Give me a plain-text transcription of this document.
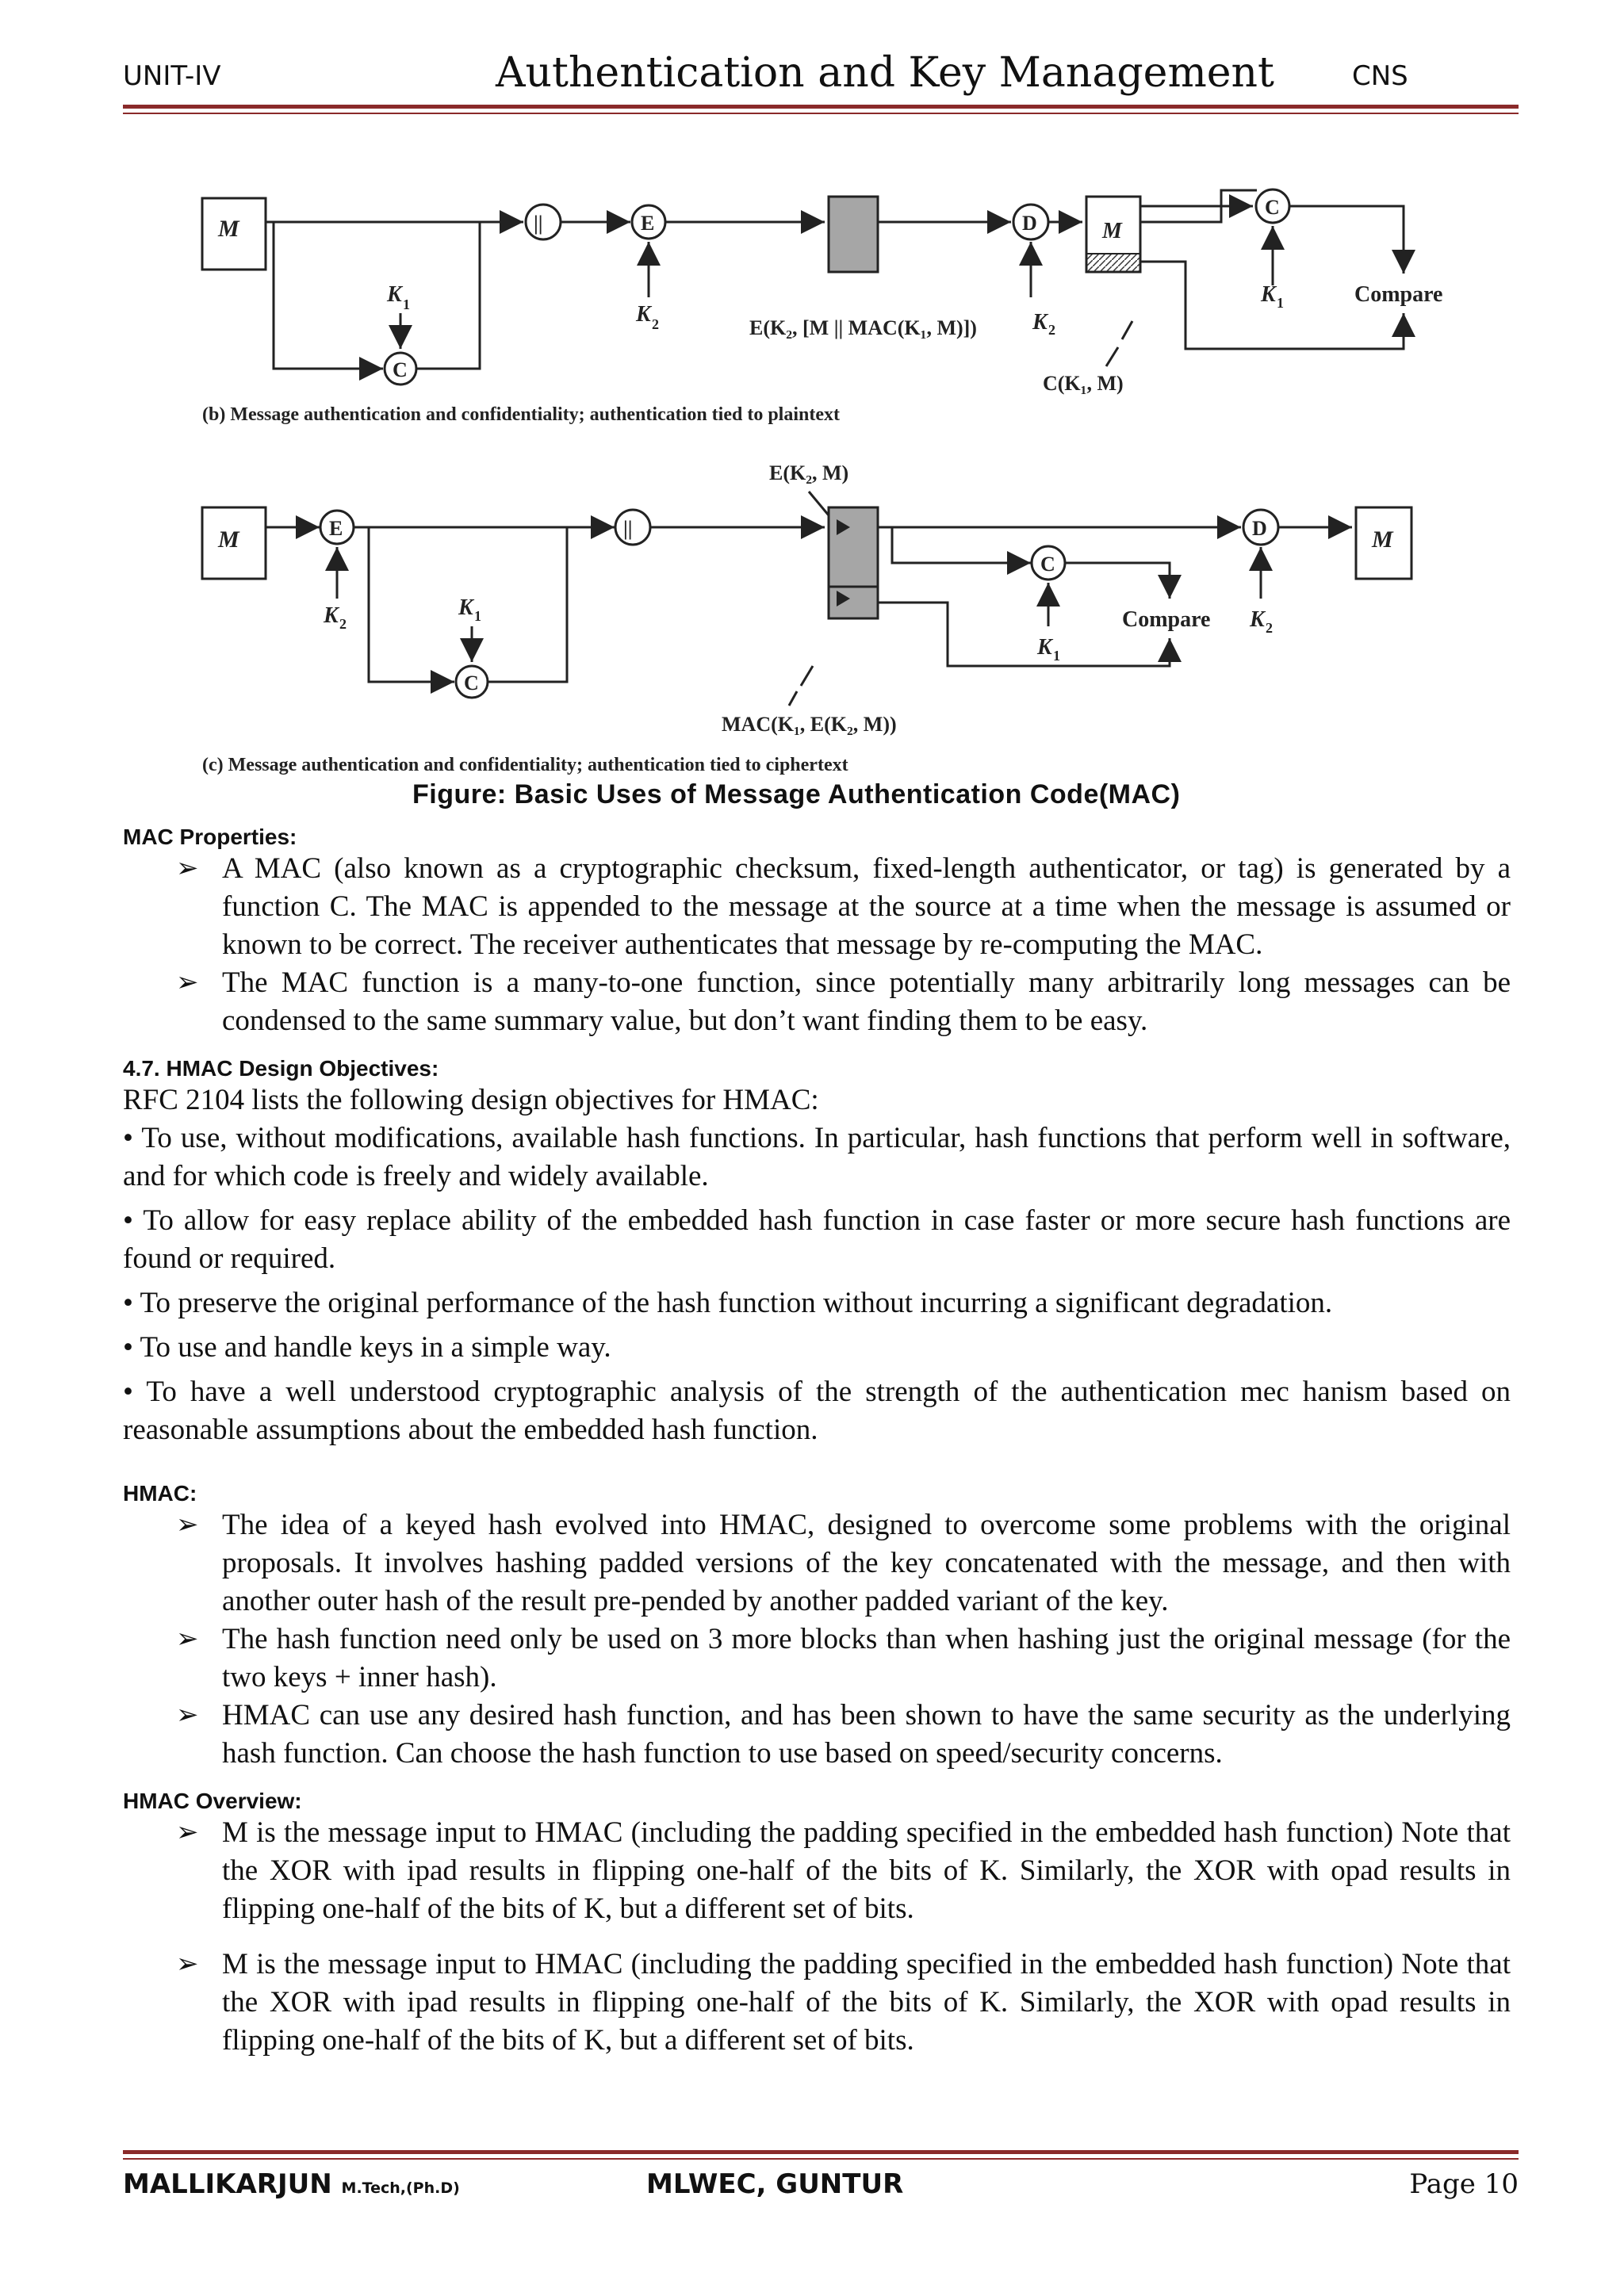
UNIT-IV	Authentication and Key Management	CNS
M
C
K 1
||	E
K 2	E(K₂, [M || MAC(K₁, M)])
D
K 2
M
C
K 1	Compare
C(K₁, M)
(b) Message authentication and confidentiality; authentication tied to plaintext
E(K₂, M)
M	E
K 2
C
K 1
||
C
K 1
Compare
D
K 2
M
MAC(K₁, E(K₂, M))
(c) Message authentication and confidentiality; authentication tied to ciphertext
Figure: Basic Uses of Message Authentication Code(MAC)
MAC Properties:
➢ A MAC (also known as a cryptographic checksum, fixed-length authenticator, or tag) is generated by a function C. The MAC is appended to the message at the source at a time when the message is assumed or known to be correct. The receiver authenticates that message by re-computing the MAC.
➢ The MAC function is a many-to-one function, since potentially many arbitrarily long messages can be condensed to the same summary value, but don’t want finding them to be easy.
4.7. HMAC Design Objectives:

RFC 2104 lists the following design objectives for HMAC:

• To use, without modifications, available hash functions. In particular, hash functions that perform well in software, and for which code is freely and widely available.

• To allow for easy replace ability of the embedded hash function in case faster or more secure hash functions are found or required.

• To preserve the original performance of the hash function without incurring a significant degradation.

• To use and handle keys in a simple way.

• To have a well understood cryptographic analysis of the strength of the authentication mec hanism based on reasonable assumptions about the embedded hash function.

HMAC:
➢ The idea of a keyed hash evolved into HMAC, designed to overcome some problems with the original proposals. It involves hashing padded versions of the key concatenated with the message, and then with another outer hash of the result pre-pended by another padded variant of the key.
➢ The hash function need only be used on 3 more blocks than when hashing just the original message (for the two keys + inner hash).
➢ HMAC can use any desired hash function, and has been shown to have the same security as the underlying hash function. Can choose the hash function to use based on speed/security concerns.
HMAC Overview:
➢ M is the message input to HMAC (including the padding specified in the embedded hash function) Note that the XOR with ipad results in flipping one-half of the bits of K. Similarly, the XOR with opad results in flipping one-half of the bits of K, but a different set of bits.
➢ M is the message input to HMAC (including the padding specified in the embedded hash function) Note that the XOR with ipad results in flipping one-half of the bits of K. Similarly, the XOR with opad results in flipping one-half of the bits of K, but a different set of bits.
MALLIKARJUN M.Tech,(Ph.D)	MLWEC, GUNTUR	Page 10
